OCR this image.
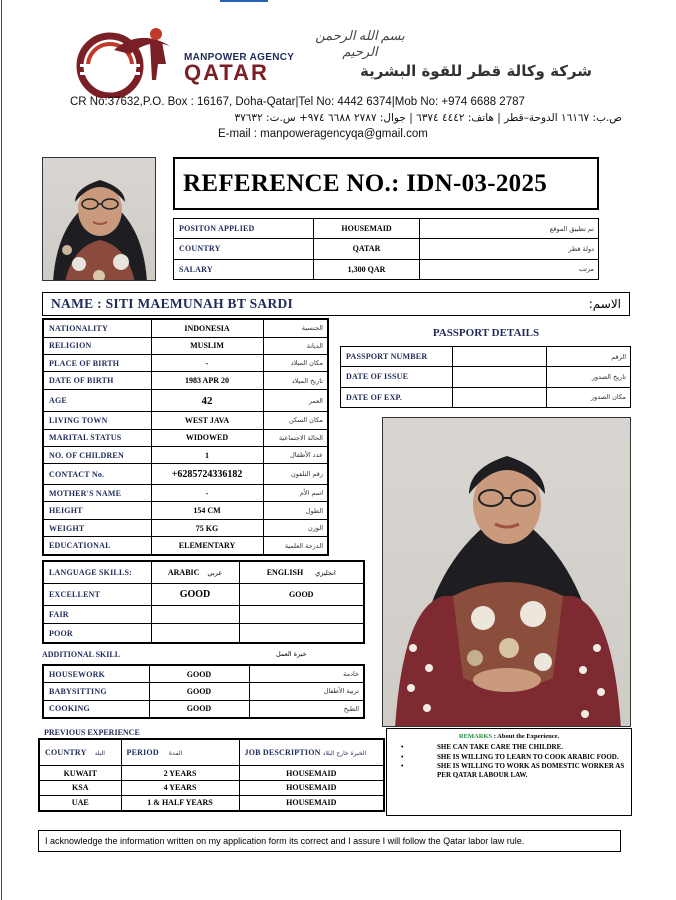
بسم الله الرحمن الرحيم
MANPOWER AGENCY
QATAR	شركة وكالة قطر للقوة البشرية
CR No:37632,P.O. Box : 16167, Doha-Qatar|Tel No: 4442 6374|Mob No: +974 6688 2787
ص.ب: ١٦١٦٧ الدوحة–قطر | هاتف: ٤٤٤٢ ٦٣٧٤ | جوال: ٢٧٨٧ ٦٦٨٨ ٩٧٤+ س.ت: ٣٧٦٣٢
E-mail : manpoweragencyqa@gmail.com
REFERENCE NO.: IDN-03-2025
POSITON APPLIED	HOUSEMAID	تم تطبيق الموقع
COUNTRY	QATAR	دولة قطر
SALARY	1,300 QAR	مرتب
NAME : SITI MAEMUNAH BT SARDI	الاسم:
NATIONALITY	INDONESIA	الجنسية
RELIGION	MUSLIM	الديانة
PLACE OF BIRTH	-	مكان الميلاد
DATE OF BIRTH	1983 APR 20	تاريخ الميلاد
AGE	42	العمر
LIVING TOWN	WEST JAVA	مكان السكن
MARITAL STATUS	WIDOWED	الحالة الاجتماعية
NO. OF CHILDREN	1	عدد الأطفال
CONTACT No.	+6285724336182	رقم التلفون
MOTHER'S NAME	-	اسم الأم
HEIGHT	154 CM	الطول
WEIGHT	75 KG	الوزن
EDUCATIONAL	ELEMENTARY	الدرجة العلمية
PASSPORT DETAILS
PASSPORT NUMBER		الرقم
DATE OF ISSUE		تاريخ الصدور
DATE OF EXP.		مكان الصدور
LANGUAGE SKILLS:	ARABIC عربي	ENGLISH انجليزي
EXCELLENT	GOOD	GOOD
FAIR		
POOR		
ADDITIONAL SKILL	خبرة العمل
HOUSEWORK	GOOD	خادمة
BABYSITTING	GOOD	تربية الأطفال
COOKING	GOOD	الطبخ
PREVIOUS EXPERIENCE
COUNTRY البلد	PERIOD المدة	JOB DESCRIPTION الخبرة خارج البلاد
KUWAIT	2 YEARS	HOUSEMAID
KSA	4 YEARS	HOUSEMAID
UAE	1 & HALF YEARS	HOUSEMAID
REMARKS : About the Experience.
•	SHE CAN TAKE CARE THE CHILDRE.
•	SHE IS WILLING TO LEARN TO COOK ARABIC FOOD.
•	SHE IS WILLING TO WORK AS DOMESTIC WORKER AS PER QATAR LABOUR LAW.
I acknowledge the information written on my application form its correct and I assure I will follow the Qatar labor law rule.
